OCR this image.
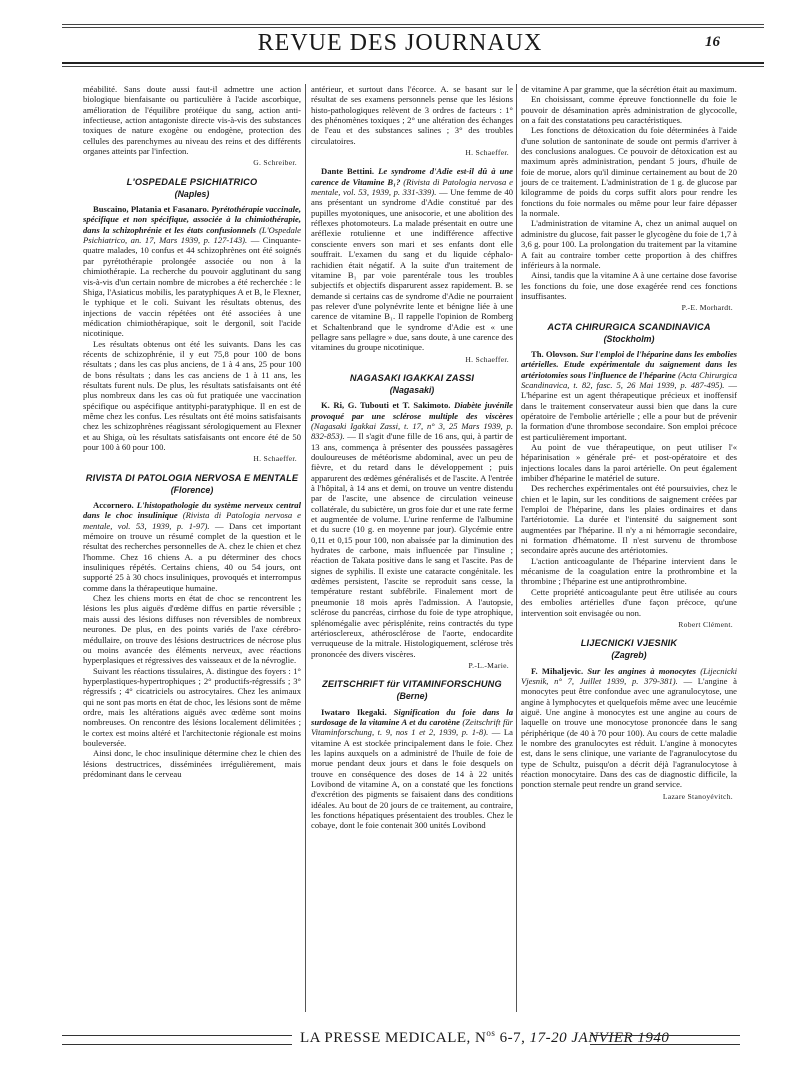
REVUE DES JOURNAUX	16

méabilité. Sans doute aussi faut-il admettre une action biologique bienfaisante ou particulière à l'acide ascorbique, amélioration de l'équilibre protéique du sang, action anti-infectieuse, action antagoniste directe vis-à-vis des substances toxiques de nature exogène ou endogène, protection des cellules des parenchymes au niveau des reins et des différents organes atteints par l'infection.

G. Schreiber.
L'OSPEDALE PSICHIATRICO
(Naples)

Buscaino, Platania et Fasanaro. Pyrétothérapie vaccinale, spécifique et non spécifique, associée à la chimiothérapie, dans la schizophrénie et les états confusionnels (L'Ospedale Psichiatrico, an. 17, Mars 1939, p. 127-143). — Cinquante-quatre malades, 10 confus et 44 schizophrènes ont été soignés par pyrétothérapie prolongée associée ou non à la chimiothérapie. La recherche du pouvoir agglutinant du sang vis-à-vis d'un certain nombre de microbes a été recherchée : le Shiga, l'Asiaticus mobilis, les paratyphiques A et B, le Flexner, le typhique et le coli. Suivant les résultats obtenus, des injections de vaccin répétées ont été associées à une médication chimiothérapique, soit le dergonil, soit l'acide nicotinique.

Les résultats obtenus ont été les suivants. Dans les cas récents de schizophrénie, il y eut 75,8 pour 100 de bons résultats ; dans les cas plus anciens, de 1 à 4 ans, 25 pour 100 de bons résultats ; dans les cas anciens de 1 à 11 ans, les résultats furent nuls. De plus, les résultats satisfaisants ont été plus nombreux dans les cas où fut pratiquée une vaccination spécifique ou aspécifique antityphi-paratyphique. Il en est de même chez les confus. Les résultats ont été moins satisfaisants chez les schizophrènes réagissant sérologiquement au Flexner et au Shiga, où les résultats satisfaisants ont encore été de 50 pour 100 à 60 pour 100.

H. Schaeffer.
RIVISTA DI PATOLOGIA NERVOSA E MENTALE
(Florence)

Accornero. L'histopathologie du système nerveux central dans le choc insulinique (Rivista di Patologia nervosa e mentale, vol. 53, 1939, p. 1-97). — Dans cet important mémoire on trouve un résumé complet de la question et le résultat des recherches personnelles de A. chez le chien et chez l'homme. Chez 16 chiens A. a pu déterminer des chocs insuliniques répétés. Certains chiens, 40 ou 54 jours, ont supporté 25 à 30 chocs insuliniques, provoqués et interrompus comme dans la thérapeutique humaine.

Chez les chiens morts en état de choc se rencontrent les lésions les plus aiguës d'œdème diffus en partie réversible ; mais aussi des lésions diffuses non réversibles de nombreux neurones. De plus, en des points variés de l'axe cérébro-médullaire, on trouve des lésions destructrices de nécrose plus ou moins avancée des éléments nerveux, avec réactions hyperplasiques et régressives des vaisseaux et de la névroglie.

Suivant les réactions tissulaires, A. distingue des foyers : 1° hyperplastiques-hypertrophiques ; 2° productifs-régressifs ; 3° régressifs ; 4° cicatriciels ou astrocytaires. Chez les animaux qui ne sont pas morts en état de choc, les lésions sont de même ordre, mais les altérations aiguës avec œdème sont moins nombreuses. On rencontre des lésions localement délimitées ; le cortex est moins altéré et l'architectonie régionale est moins bouleversée.

Ainsi donc, le choc insulinique détermine chez le chien des lésions destructrices, disséminées irrégulièrement, mais prédominant dans le cerveau

antérieur, et surtout dans l'écorce. A. se basant sur le résultat de ses examens personnels pense que les lésions histo-pathologiques relèvent de 3 ordres de facteurs : 1° des phénomènes toxiques ; 2° une altération des échanges de l'eau et des substances salines ; 3° des troubles circulatoires.

H. Schaeffer.

Dante Bettini. Le syndrome d'Adie est-il dû à une carence de Vitamine B₁? (Rivista di Patologia nervosa e mentale, vol. 53, 1939, p. 331-339). — Une femme de 40 ans présentant un syndrome d'Adie constitué par des pupilles myotoniques, une anisocorie, et une abolition des réflexes photomoteurs. La malade présentait en outre une aréflexie rotulienne et une indifférence affective consciente envers son mari et ses enfants dont elle souffrait. L'examen du sang et du liquide céphalo-rachidien était négatif. A la suite d'un traitement de vitamine B₁ par voie parentérale tous les troubles subjectifs et objectifs disparurent assez rapidement. B. se demande si certains cas de syndrome d'Adie ne pourraient pas relever d'une polynévrite lente et bénigne liée à une carence de vitamine B₁. Il rappelle l'opinion de Romberg et Schaltenbrand que le syndrome d'Adie est « une pellagre sans pellagre » due, sans doute, à une carence des vitamines du groupe nicotinique.

H. Schaeffer.
NAGASAKI IGAKKAI ZASSI
(Nagasaki)

K. Ri, G. Tubouti et T. Sakimoto. Diabète juvénile provoqué par une sclérose multiple des viscères (Nagasaki Igakkai Zassi, t. 17, n° 3, 25 Mars 1939, p. 832-853). — Il s'agit d'une fille de 16 ans, qui, à partir de 13 ans, commença à présenter des poussées passagères douloureuses de météorisme abdominal, avec un peu de fièvre, et du retard dans le développement ; puis apparurent des œdèmes généralisés et de l'ascite. A l'entrée à l'hôpital, à 14 ans et demi, on trouve un ventre distendu par de l'ascite, une absence de circulation veineuse collatérale, du subictère, un gros foie dur et une rate ferme et augmentée de volume. L'urine renferme de l'albumine et du sucre (10 g. en moyenne par jour). Glycémie entre 0,11 et 0,15 pour 100, non abaissée par la diminution des hydrates de carbone, mais influencée par l'insuline ; réaction de Takata positive dans le sang et l'ascite. Pas de signes de syphilis. Il existe une cataracte congénitale. les œdèmes persistent, l'ascite se reproduit sans cesse, la température restant subfébrile. Finalement mort de pneumonie 18 mois après l'admission. A l'autopsie, sclérose du pancréas, cirrhose du foie de type atrophique, splénomégalie avec périsplénite, reins contractés du type artériosclereux, athérosclérose de l'aorte, endocardite verruqueuse de la mitrale. Histologiquement, sclérose très prononcée des divers viscères.

P.-L.-Marie.
ZEITSCHRIFT für VITAMINFORSCHUNG
(Berne)

Iwataro Ikegaki. Signification du foie dans la surdosage de la vitamine A et du carotène (Zeitschrift für Vitaminforschung, t. 9, nos 1 et 2, 1939, p. 1-8). — La vitamine A est stockée principalement dans le foie. Chez les lapins auxquels on a administré de l'huile de foie de morue pendant deux jours et dans le foie desquels on trouve en conséquence des doses de 14 à 22 unités Lovibond de vitamine A, on a constaté que les fonctions d'excrétion des pigments se faisaient dans des conditions idéales. Au bout de 20 jours de ce traitement, au contraire, les fonctions hépatiques présentaient des troubles. Chez le cobaye, dont le foie contenait 300 unités Lovibond

de vitamine A par gramme, que la sécrétion était au maximum.

En choisissant, comme épreuve fonctionnelle du foie le pouvoir de désamination après administration de glycocolle, on a fait des constatations peu caractéristiques.

Les fonctions de détoxication du foie déterminées à l'aide d'une solution de santoninate de soude ont permis d'arriver à des conclusions analogues. Ce pouvoir de détoxication est au maximum après administration, pendant 5 jours, d'huile de foie de morue, alors qu'il diminue certainement au bout de 20 jours de ce traitement. L'administration de 1 g. de glucose par kilogramme de poids du corps suffit alors pour rendre les fonctions du foie normales ou même pour leur faire dépasser la normale.

L'administration de vitamine A, chez un animal auquel on administre du glucose, fait passer le glycogène du foie de 1,7 à 3,6 g. pour 100. La prolongation du traitement par la vitamine A fait au contraire tomber cette proportion à des chiffres inférieurs à la normale.

Ainsi, tandis que la vitamine A à une certaine dose favorise les fonctions du foie, une dose exagérée rend ces fonctions insuffisantes.

P.-E. Morhardt.
ACTA CHIRURGICA SCANDINAVICA
(Stockholm)

Th. Olovson. Sur l'emploi de l'héparine dans les embolies artérielles. Etude expérimentale du saignement dans les artériotomies sous l'influence de l'héparine (Acta Chirurgica Scandinavica, t. 82, fasc. 5, 26 Mai 1939, p. 487-495). — L'héparine est un agent thérapeutique précieux et inoffensif dans le traitement conservateur aussi bien que dans la cure opératoire de l'embolie artérielle ; elle a pour but de prévenir la formation d'une thrombose secondaire. Son emploi précoce est particulièrement important.

Au point de vue thérapeutique, on peut utiliser l'« héparinisation » générale pré- et post-opératoire et des injections locales dans la paroi artérielle. On peut également imbiber d'héparine le matériel de suture.

Des recherches expérimentales ont été poursuivies, chez le chien et le lapin, sur les conditions de saignement créées par l'emploi de l'héparine, dans les plaies ordinaires et dans l'artériotomie. La durée et l'intensité du saignement sont augmentées par l'héparine. Il n'y a ni hémorragie secondaire, ni formation d'hématome. Il n'est survenu de thrombose secondaire après aucune des artériotomies.

L'action anticoagulante de l'héparine intervient dans le mécanisme de la coagulation entre la prothrombine et la thrombine ; l'héparine est une antiprothrombine.

Cette propriété anticoagulante peut être utilisée au cours des embolies artérielles d'une façon précoce, qu'une intervention soit envisagée ou non.

Robert Clément.
LIJECNICKI VJESNIK
(Zagreb)

F. Mihaljevic. Sur les angines à monocytes (Lijecnicki Vjesnik, n° 7, Juillet 1939, p. 379-381). — L'angine à monocytes peut être confondue avec une agranulocytose, une angine à lymphocytes et quelquefois même avec une leucémie aiguë. Une angine à monocytes est une angine au cours de laquelle on trouve une monocytose prononcée dans le sang périphérique (de 40 à 70 pour 100). Au cours de cette maladie le nombre des granulocytes est réduit. L'angine à monocytes est, dans le sens clinique, une variante de l'agranulocytose du type de Schultz, puisqu'on a décrit déjà l'agranulocytose à réaction monocytaire. Dans des cas de diagnostic difficile, la ponction sternale peut rendre un grand service.

Lazare Stanoyévitch.
LA PRESSE MEDICALE, $N^{os}$ 6-7, 17-20 JANVIER 1940
